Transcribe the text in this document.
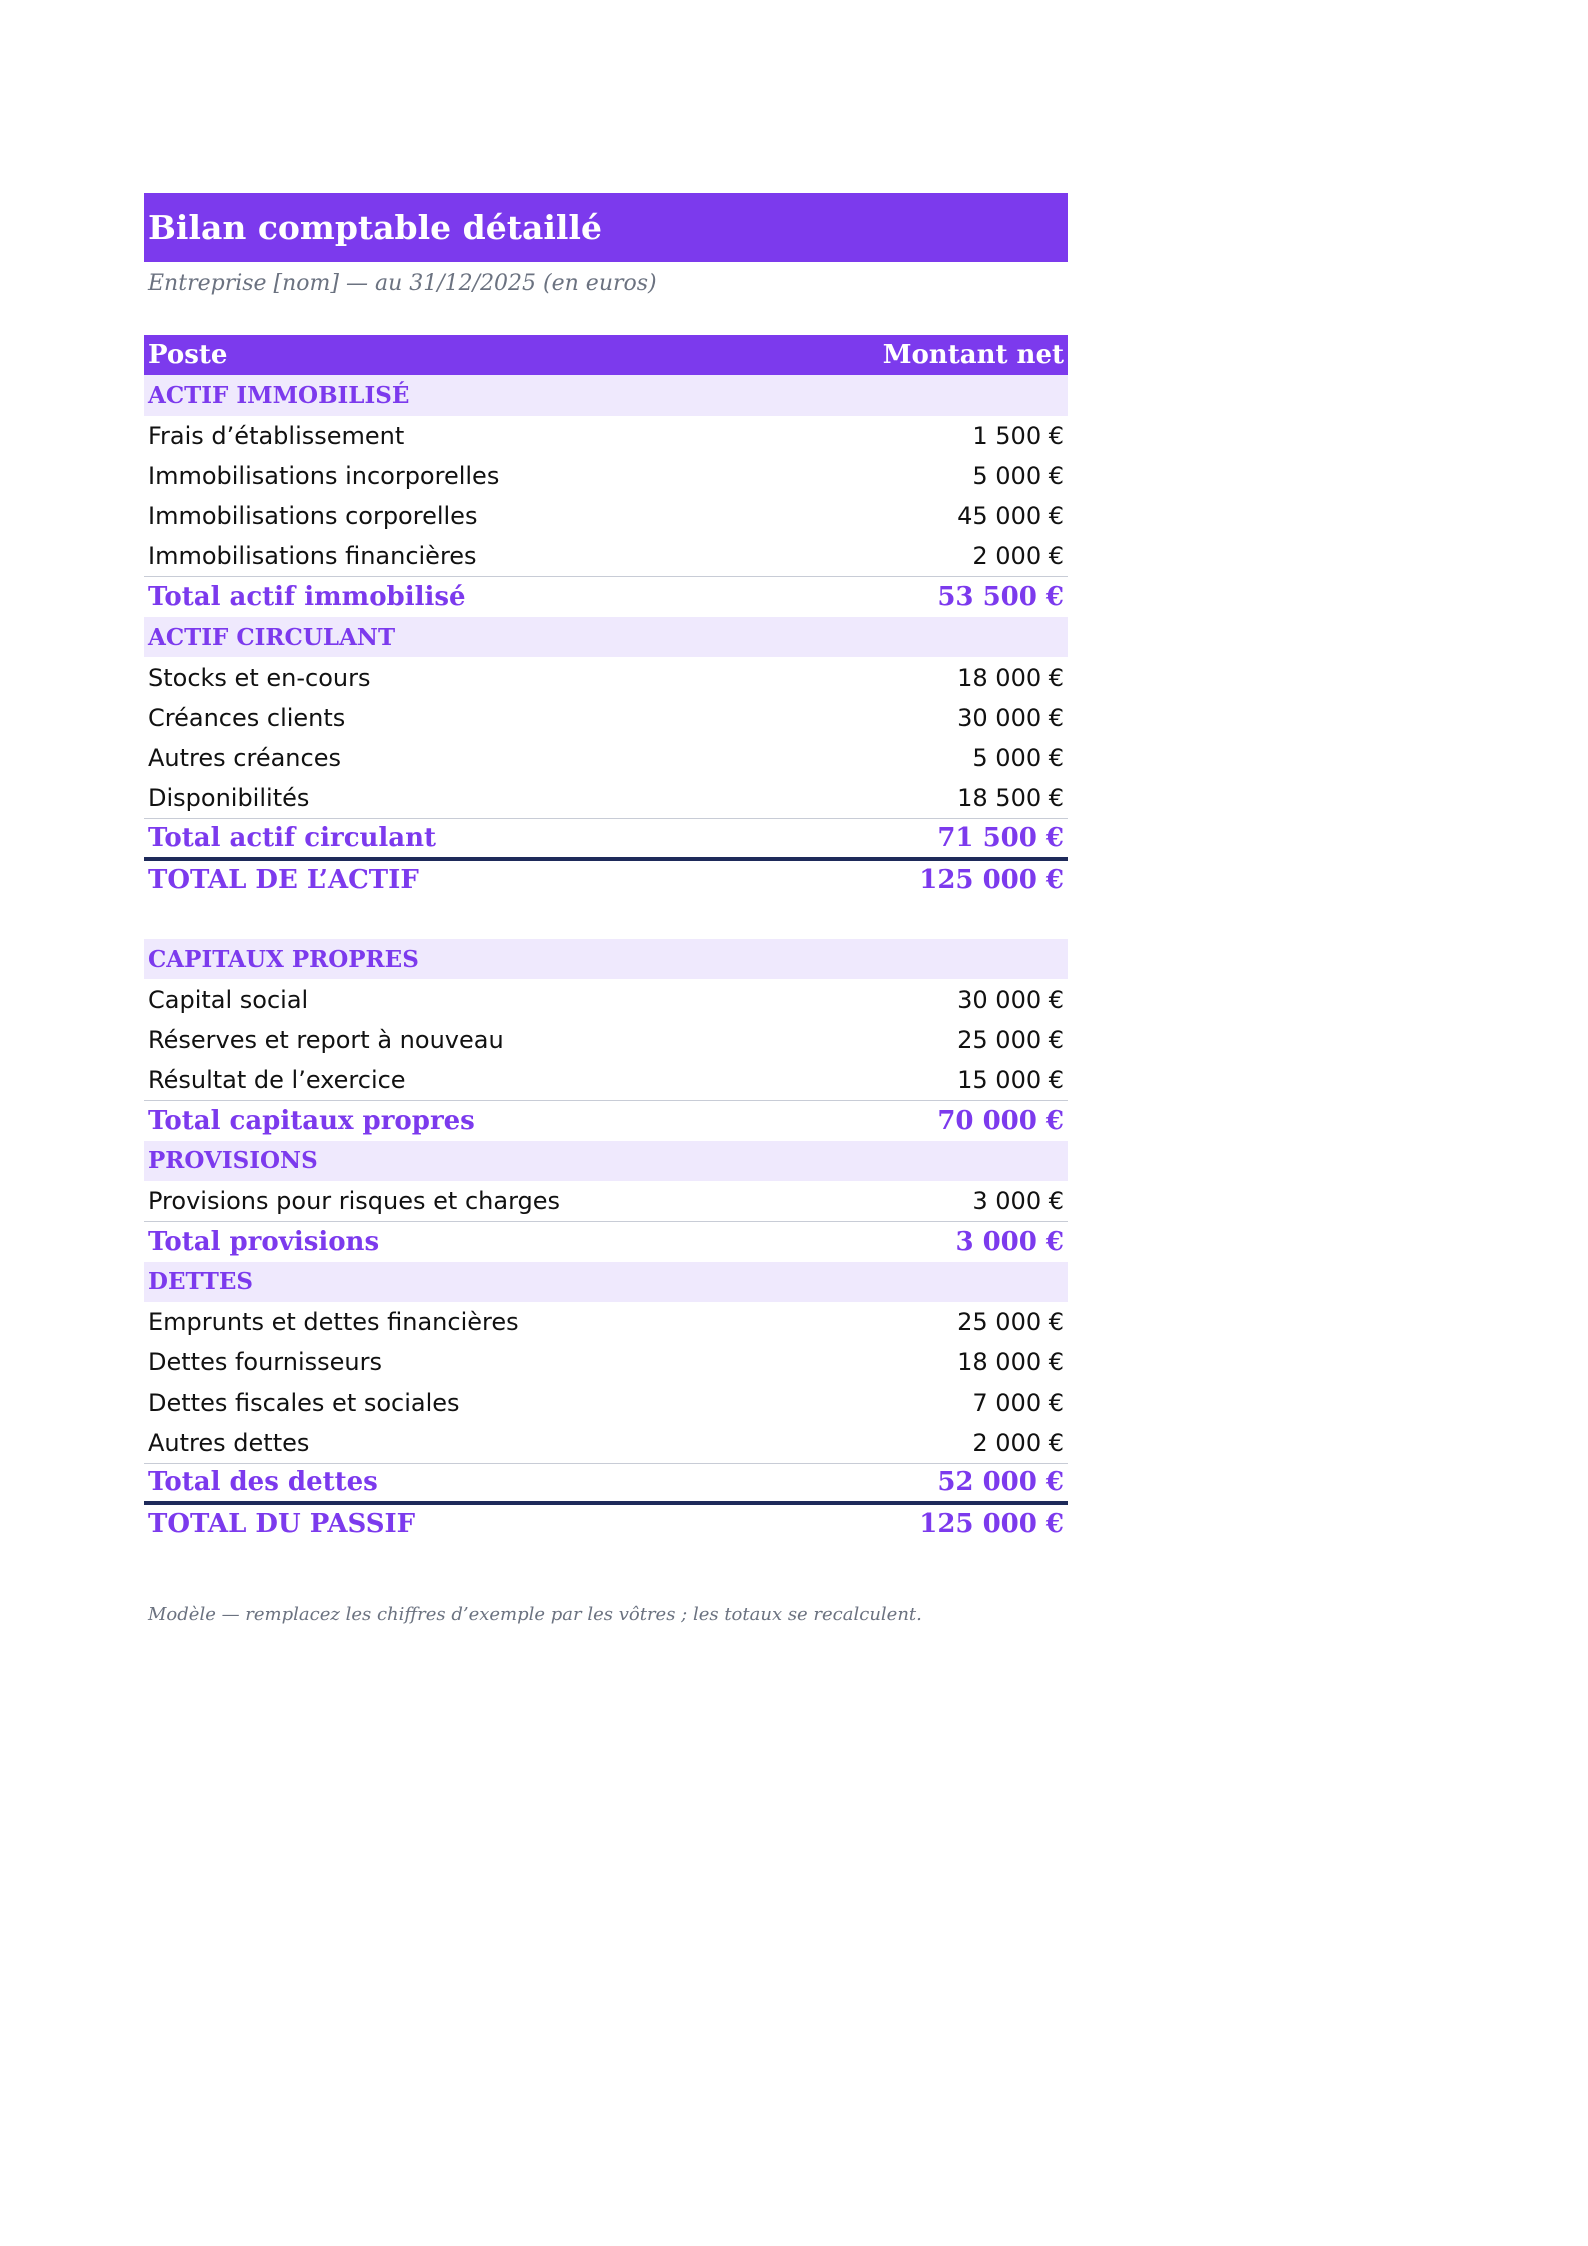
Bilan comptable détaillé
Entreprise [nom] — au 31/12/2025 (en euros)
Poste	Montant net
ACTIF IMMOBILISÉ	
Frais d’établissement	1 500 €
Immobilisations incorporelles	5 000 €
Immobilisations corporelles	45 000 €
Immobilisations financières	2 000 €
Total actif immobilisé	53 500 €
ACTIF CIRCULANT	
Stocks et en-cours	18 000 €
Créances clients	30 000 €
Autres créances	5 000 €
Disponibilités	18 500 €
Total actif circulant	71 500 €
TOTAL DE L’ACTIF	125 000 €

CAPITAUX PROPRES	
Capital social	30 000 €
Réserves et report à nouveau	25 000 €
Résultat de l’exercice	15 000 €
Total capitaux propres	70 000 €
PROVISIONS	
Provisions pour risques et charges	3 000 €
Total provisions	3 000 €
DETTES	
Emprunts et dettes financières	25 000 €
Dettes fournisseurs	18 000 €
Dettes fiscales et sociales	7 000 €
Autres dettes	2 000 €
Total des dettes	52 000 €
TOTAL DU PASSIF	125 000 €
Modèle — remplacez les chiffres d’exemple par les vôtres ; les totaux se recalculent.
